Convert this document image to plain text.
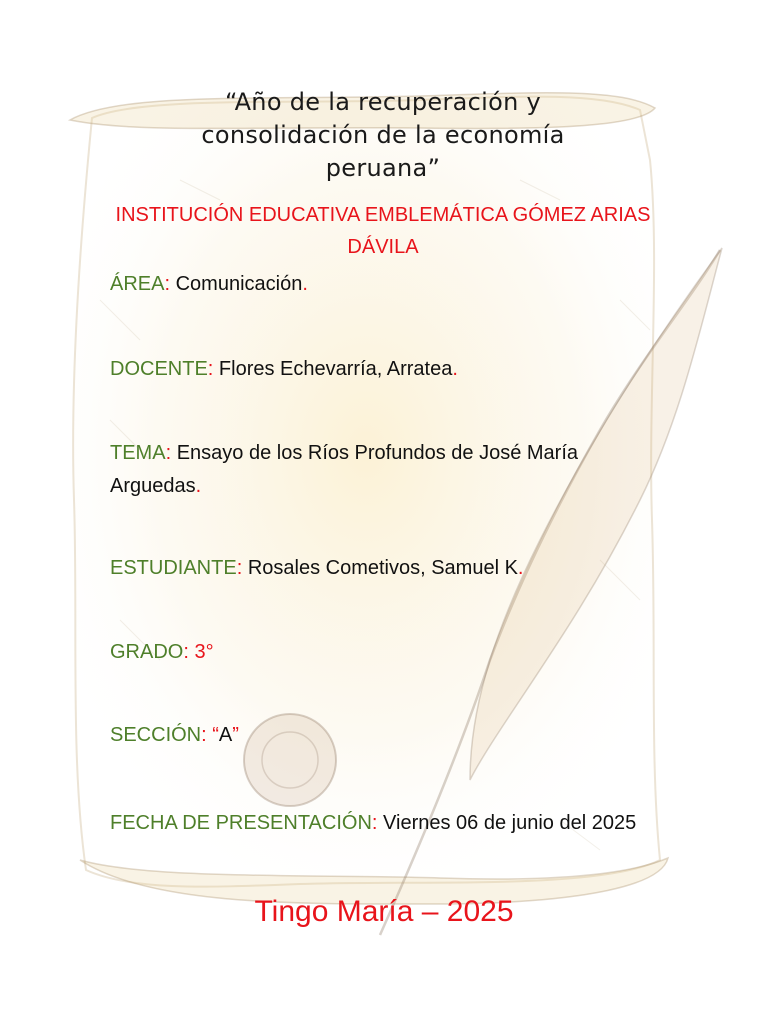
“Año de la recuperación y consolidación de la economía peruana”
INSTITUCIÓN EDUCATIVA EMBLEMÁTICA GÓMEZ ARIAS DÁVILA
ÁREA: Comunicación.
DOCENTE: Flores Echevarría, Arratea.
TEMA: Ensayo de los Ríos Profundos de José María Arguedas.
ESTUDIANTE: Rosales Cometivos, Samuel K.
GRADO: 3°
SECCIÓN: “A”
FECHA DE PRESENTACIÓN: Viernes 06 de junio del 2025
Tingo María – 2025
